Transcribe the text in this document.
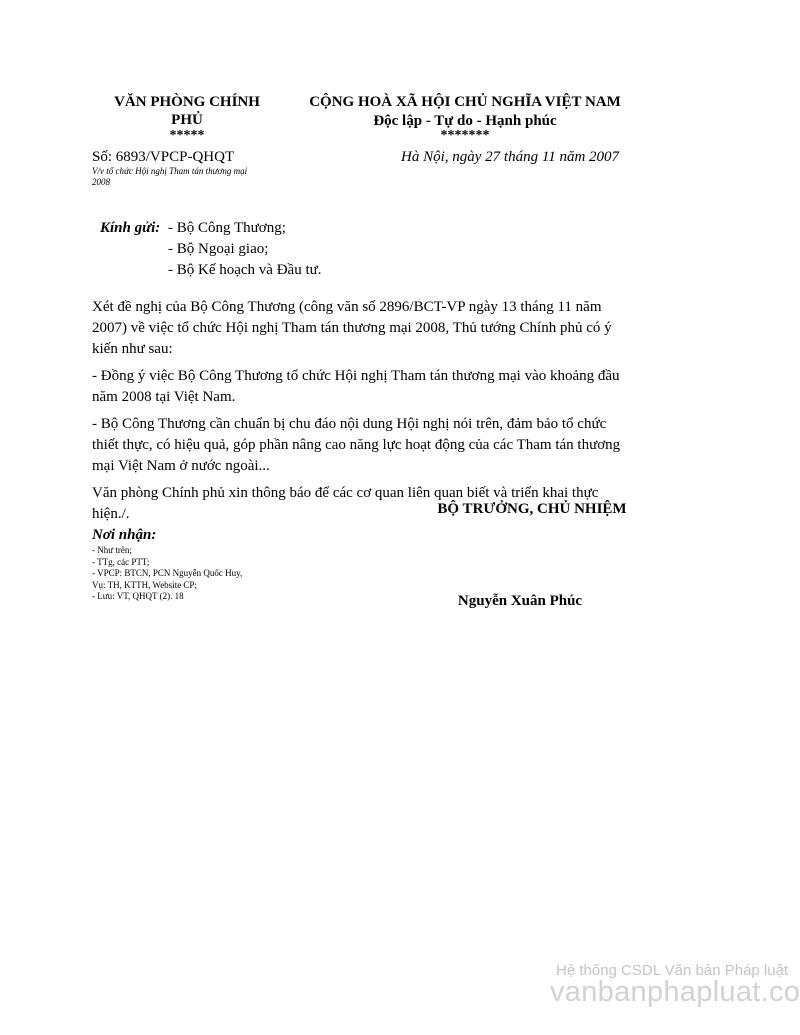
VĂN PHÒNG CHÍNH
PHỦ
*****
CỘNG HOÀ XÃ HỘI CHỦ NGHĨA VIỆT NAM
Độc lập - Tự do - Hạnh phúc
*******
Số: 6893/VPCP-QHQT
V/v tổ chức Hội nghị Tham tán thương mại
2008
Hà Nội, ngày 27 tháng 11 năm 2007
Kính gửi: - Bộ Công Thương;
- Bộ Ngoại giao;
- Bộ Kế hoạch và Đầu tư.

Xét đề nghị của Bộ Công Thương (công văn số 2896/BCT-VP ngày 13 tháng 11 năm 2007) về việc tổ chức Hội nghị Tham tán thương mại 2008, Thủ tướng Chính phủ có ý kiến như sau:

- Đồng ý việc Bộ Công Thương tổ chức Hội nghị Tham tán thương mại vào khoảng đầu năm 2008 tại Việt Nam.

- Bộ Công Thương cần chuẩn bị chu đáo nội dung Hội nghị nói trên, đảm bảo tổ chức thiết thực, có hiệu quả, góp phần nâng cao năng lực hoạt động của các Tham tán thương mại Việt Nam ở nước ngoài...

Văn phòng Chính phủ xin thông báo để các cơ quan liên quan biết và triển khai thực hiện./.	BỘ TRƯỞNG, CHỦ NHIỆM
Nguyễn Xuân Phúc
Nơi nhận:
- Như trên;
- TTg, các PTT;
- VPCP: BTCN, PCN Nguyễn Quốc Huy,
Vụ: TH, KTTH, Website CP;
- Lưu: VT, QHQT (2). 18
Hệ thống CSDL Văn bản Pháp luật
vanbanphapluat.co
